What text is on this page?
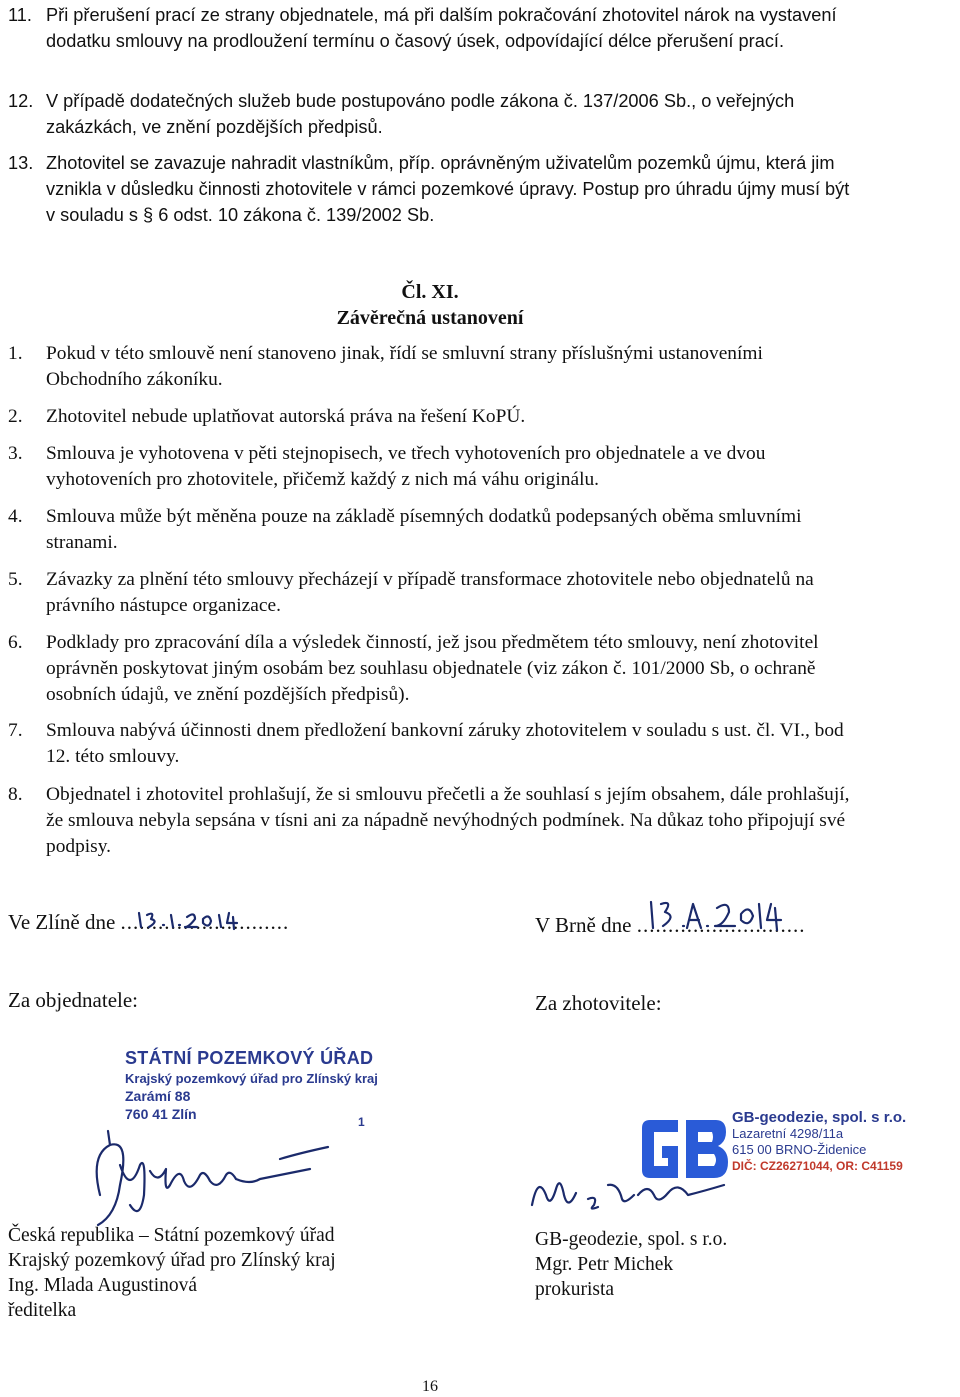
11. Při přerušení prací ze strany objednatele, má při dalším pokračování zhotovitel nárok na vystavení dodatku smlouvy na prodloužení termínu o časový úsek, odpovídající délce přerušení prací.
12. V případě dodatečných služeb bude postupováno podle zákona č. 137/2006 Sb., o veřejných zakázkách, ve znění pozdějších předpisů.
13. Zhotovitel se zavazuje nahradit vlastníkům, příp. oprávněným uživatelům pozemků újmu, která jim vznikla v důsledku činnosti zhotovitele v rámci pozemkové úpravy. Postup pro úhradu újmy musí být v souladu s § 6 odst. 10 zákona č. 139/2002 Sb.
Čl. XI.
Závěrečná ustanovení
1. Pokud v této smlouvě není stanoveno jinak, řídí se smluvní strany příslušnými ustanoveními Obchodního zákoníku.
2. Zhotovitel nebude uplatňovat autorská práva na řešení KoPÚ.
3. Smlouva je vyhotovena v pěti stejnopisech, ve třech vyhotoveních pro objednatele a ve dvou vyhotoveních pro zhotovitele, přičemž každý z nich má váhu originálu.
4. Smlouva může být měněna pouze na základě písemných dodatků podepsaných oběma smluvními stranami.
5. Závazky za plnění této smlouvy přecházejí v případě transformace zhotovitele nebo objednatelů na právního nástupce organizace.
6. Podklady pro zpracování díla a výsledek činností, jež jsou předmětem této smlouvy, není zhotovitel oprávněn poskytovat jiným osobám bez souhlasu objednatele (viz zákon č. 101/2000 Sb, o ochraně osobních údajů, ve znění pozdějších předpisů).
7. Smlouva nabývá účinnosti dnem předložení bankovní záruky zhotovitelem v souladu s ust. čl. VI., bod 12. této smlouvy.
8. Objednatel i zhotovitel prohlašují, že si smlouvu přečetli a že souhlasí s jejím obsahem, dále prohlašují, že smlouva nebyla sepsána v tísni ani za nápadně nevýhodných podmínek. Na důkaz toho připojují své podpisy.
Ve Zlíně dne ...........................	V Brně dne ...........................
Za objednatele:	Za zhotovitele:
STÁTNÍ POZEMKOVÝ ÚŘAD
Krajský pozemkový úřad pro Zlínský kraj
Zarámí 88
760 41 Zlín	1	GB-geodezie, spol. s r.o.
Lazaretní 4298/11a
615 00 BRNO-Židenice
DIČ: CZ26271044, OR: C41159
Česká republika – Státní pozemkový úřad
Krajský pozemkový úřad pro Zlínský kraj
Ing. Mlada Augustinová
ředitelka
GB-geodezie, spol. s r.o.
Mgr. Petr Michek
prokurista
16
